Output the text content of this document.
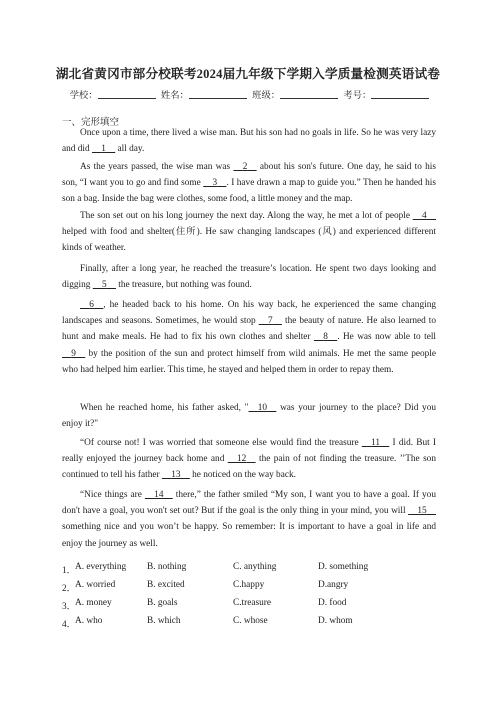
湖北省黄冈市部分校联考2024届九年级下学期入学质量检测英语试卷
学校：	姓名：	班级：	考号：
一、完形填空

Once upon a time, there lived a wise man. But his son had no goals in life. So he was very lazy and did   1   all day.

As the years passed, the wise man was   2   about his son's future. One day, he said to his son, “I want you to go and find some   3   . I have drawn a map to guide you.” Then he handed his son a bag. Inside the bag were clothes, some food, a little money and the map.

The son set out on his long journey the next day. Along the way, he met a lot of people   4   helped with food and shelter(住所). He saw changing landscapes (风) and experienced different kinds of weather.

Finally, after a long year, he reached the treasure’s location. He spent two days looking and digging   5   the treasure, but nothing was found.

  6   , he headed back to his home. On his way back, he experienced the same changing landscapes and seasons. Sometimes, he would stop   7   the beauty of nature. He also learned to hunt and make meals. He had to fix his own clothes and shelter   8   . He was now able to tell   9   by the position of the sun and protect himself from wild animals. He met the same people who had helped him earlier. This time, he stayed and helped them in order to repay them.

When he reached home, his father asked, "   10   was your journey to the place? Did you enjoy it?"

“Of course not! I was worried that someone else would find the treasure   11   I did. But I really enjoyed the journey back home and   12   the pain of not finding the treasure. ’’The son continued to tell his father   13   he noticed on the way back.

“Nice things are   14   there,” the father smiled “My son, I want you to have a goal. If you don't have a goal, you won't set out? But if the goal is the only thing in your mind, you will   15   something nice and you won’t be happy. So remember: It is important to have a goal in life and enjoy the journey as well.

1． A. everything B. nothing	C. anything	D. something
2． A. worried	B. excited	C.happy	D.angry
3． A. money	B. goals	C.treasure	D. food
4． A. who	B. which	C. whose	D. whom
